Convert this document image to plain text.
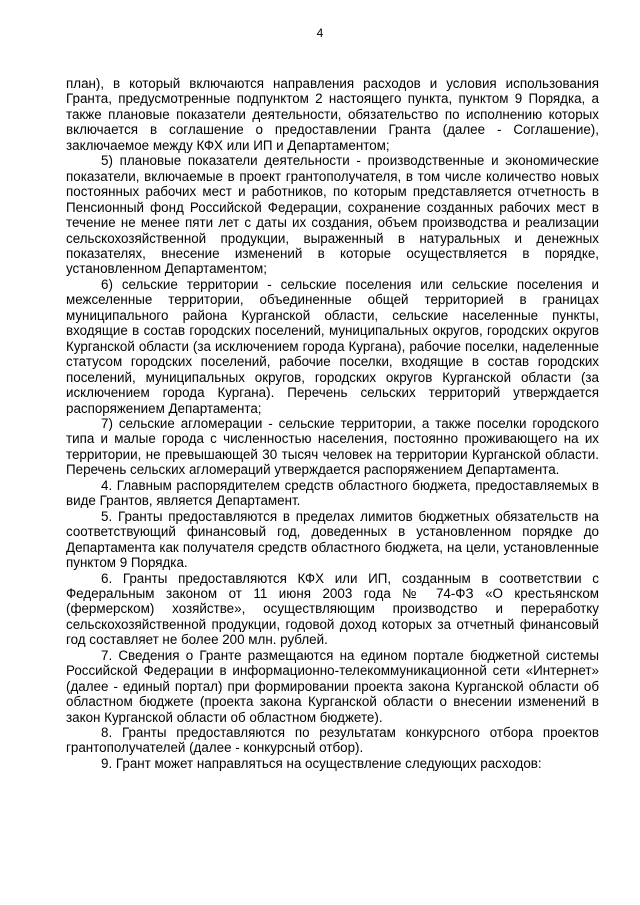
4

план), в который включаются направления расходов и условия использования Гранта, предусмотренные подпунктом 2 настоящего пункта, пунктом 9 Порядка, а также плановые показатели деятельности, обязательство по исполнению которых включается в соглашение о предоставлении Гранта (далее - Соглашение), заключаемое между КФХ или ИП и Департаментом;

5) плановые показатели деятельности - производственные и экономические показатели, включаемые в проект грантополучателя, в том числе количество новых постоянных рабочих мест и работников, по которым представляется отчетность в Пенсионный фонд Российской Федерации, сохранение созданных рабочих мест в течение не менее пяти лет с даты их создания, объем производства и реализации сельскохозяйственной продукции, выраженный в натуральных и денежных показателях, внесение изменений в которые осуществляется в порядке, установленном Департаментом;

6) сельские территории - сельские поселения или сельские поселения и межселенные территории, объединенные общей территорией в границах муниципального района Курганской области, сельские населенные пункты, входящие в состав городских поселений, муниципальных округов, городских округов Курганской области (за исключением города Кургана), рабочие поселки, наделенные статусом городских поселений, рабочие поселки, входящие в состав городских поселений, муниципальных округов, городских округов Курганской области (за исключением города Кургана). Перечень сельских территорий утверждается распоряжением Департамента;

7) сельские агломерации - сельские территории, а также поселки городского типа и малые города с численностью населения, постоянно проживающего на их территории, не превышающей 30 тысяч человек на территории Курганской области. Перечень сельских агломераций утверждается распоряжением Департамента.

4. Главным распорядителем средств областного бюджета, предоставляемых в виде Грантов, является Департамент.

5. Гранты предоставляются в пределах лимитов бюджетных обязательств на соответствующий финансовый год, доведенных в установленном порядке до Департамента как получателя средств областного бюджета, на цели, установленные пунктом 9 Порядка.

6. Гранты предоставляются КФХ или ИП, созданным в соответствии с Федеральным законом от 11 июня 2003 года № 74-ФЗ «О крестьянском (фермерском) хозяйстве», осуществляющим производство и переработку сельскохозяйственной продукции, годовой доход которых за отчетный финансовый год составляет не более 200 млн. рублей.

7. Сведения о Гранте размещаются на едином портале бюджетной системы Российской Федерации в информационно-телекоммуникационной сети «Интернет» (далее - единый портал) при формировании проекта закона Курганской области об областном бюджете (проекта закона Курганской области о внесении изменений в закон Курганской области об областном бюджете).

8. Гранты предоставляются по результатам конкурсного отбора проектов грантополучателей (далее - конкурсный отбор).

9. Грант может направляться на осуществление следующих расходов:
